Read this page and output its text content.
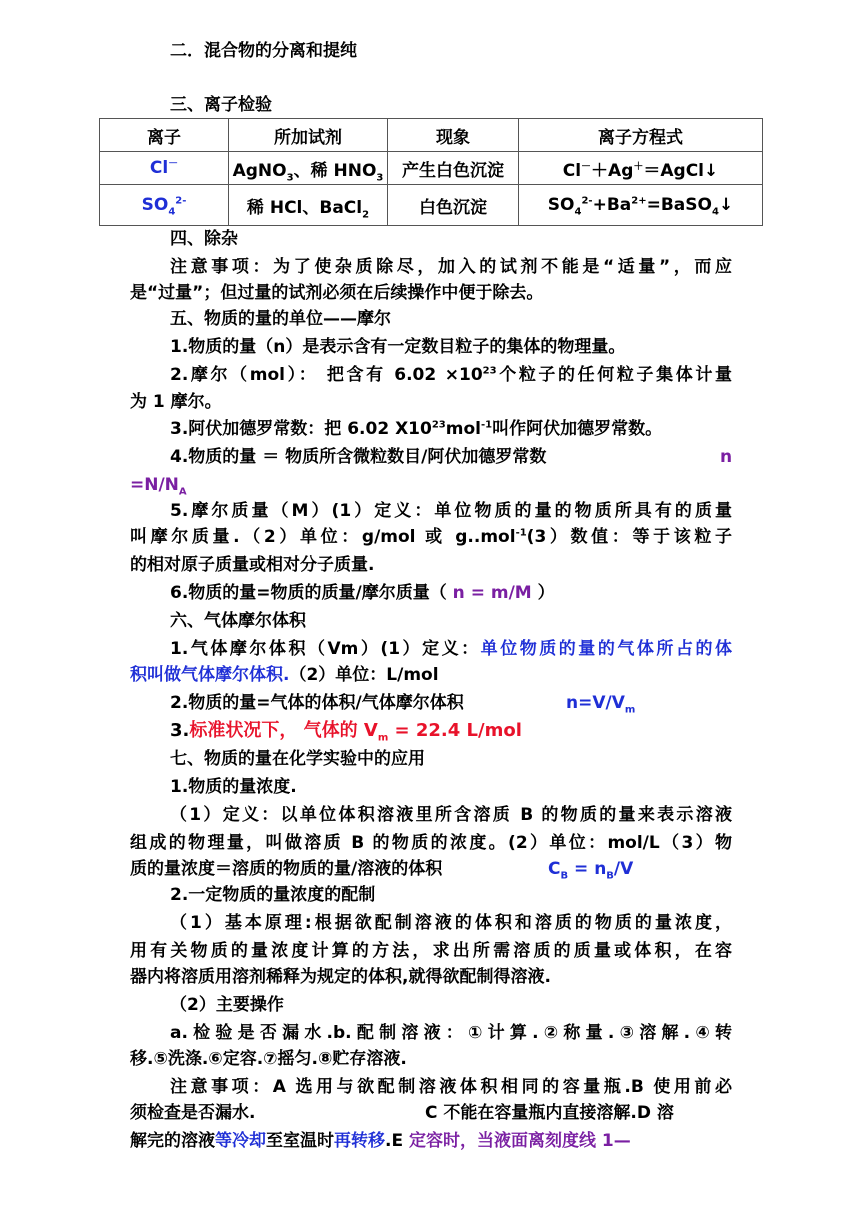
二．混合物的分离和提纯
三、离子检验
离子	所加试剂	现象	离子方程式
Cl－	AgNO$_3$、稀 $HNO_3$	产生白色沉淀	Cl－＋Ag＋＝AgCl↓
$SO_4^{2-}$	稀 HCl、BaCl$_2$	白色沉淀	$SO_4^{2-}+Ba^{2+}=BaSO_4↓$
四、除杂
注意事项：为了使杂质除尽，加入的试剂不能是“适量”，而应
是“过量”；但过量的试剂必须在后续操作中便于除去。
五、物质的量的单位——摩尔
1.物质的量（n）是表示含有一定数目粒子的集体的物理量。
2.摩尔（mol）： 把含有 $6.02 \times 10^{23}$个粒子的任何粒子集体计量
为 1 摩尔。
3.阿伏加德罗常数：把 6.02 $X10^{23}mol^{-1}$叫作阿伏加德罗常数。
4.物质的量 ＝ 物质所含微粒数目/阿伏加德罗常数	n
$=N/N_A$
5.摩尔质量（M）(1）定义：单位物质的量的物质所具有的质量
叫摩尔质量.（2）单位：g/mol 或 g..mol$^{-1}$(3）数值：等于该粒子
的相对原子质量或相对分子质量.
6.物质的量=物质的质量/摩尔质量（ n = m/M ）
六、气体摩尔体积
1.气体摩尔体积（Vm）(1）定义：单位物质的量的气体所占的体
积叫做气体摩尔体积.（2）单位：L/mol
2.物质的量=气体的体积/气体摩尔体积	$n=V/V_m$
3.标准状况下， 气体的 $V_m = 22.4$ L/mol
七、物质的量在化学实验中的应用
1.物质的量浓度.
（1）定义：以单位体积溶液里所含溶质 B 的物质的量来表示溶液
组成的物理量，叫做溶质 B 的物质的浓度。(2）单位：mol/L（3）物
质的量浓度＝溶质的物质的量/溶液的体积	$C_B = n_B/V$
2.一定物质的量浓度的配制
（1）基本原理:根据欲配制溶液的体积和溶质的物质的量浓度，
用有关物质的量浓度计算的方法，求出所需溶质的质量或体积，在容
器内将溶质用溶剂稀释为规定的体积,就得欲配制得溶液.
（2）主要操作
a.检验是否漏水.b.配制溶液：①计算.②称量.③溶解.④转
移.⑤洗涤.⑥定容.⑦摇匀.⑧贮存溶液.
注意事项：A 选用与欲配制溶液体积相同的容量瓶.B 使用前必
须检查是否漏水.	C 不能在容量瓶内直接溶解.D 溶
解完的溶液等冷却至室温时再转移.E 定容时，当液面离刻度线 1—
